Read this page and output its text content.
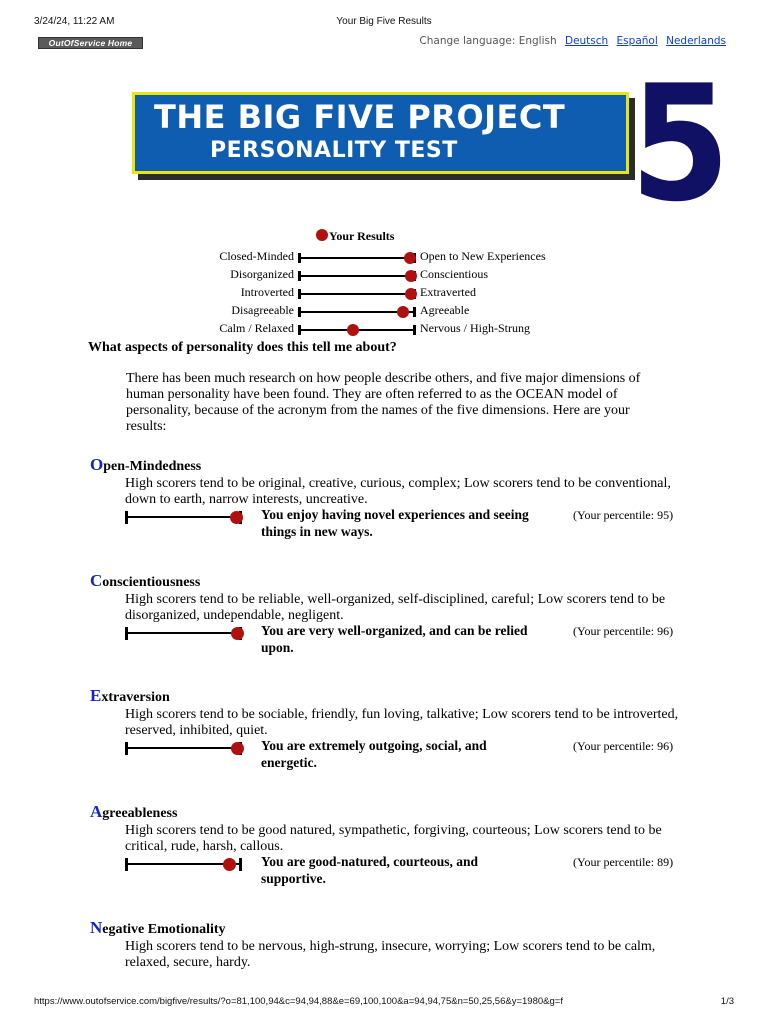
3/24/24, 11:22 AM	Your Big Five Results
OutOfService Home	Change language: English Deutsch Español Nederlands
5
THE BIG FIVE PROJECT
PERSONALITY TEST
Your Results
Closed-Minded	Open to New Experiences
Disorganized	Conscientious
Introverted	Extraverted
Disagreeable	Agreeable
Calm / Relaxed	Nervous / High-Strung
What aspects of personality does this tell me about?
There has been much research on how people describe others, and five major dimensions of human personality have been found. They are often referred to as the OCEAN model of personality, because of the acronym from the names of the five dimensions. Here are your results:
Open-Mindedness
High scorers tend to be original, creative, curious, complex; Low scorers tend to be conventional, down to earth, narrow interests, uncreative.
You enjoy having novel experiences and seeing things in new ways.
(Your percentile: 95)
Conscientiousness
High scorers tend to be reliable, well-organized, self-disciplined, careful; Low scorers tend to be disorganized, undependable, negligent.
You are very well-organized, and can be relied upon.
(Your percentile: 96)
Extraversion
High scorers tend to be sociable, friendly, fun loving, talkative; Low scorers tend to be introverted, reserved, inhibited, quiet.
You are extremely outgoing, social, and energetic.
(Your percentile: 96)
Agreeableness
High scorers tend to be good natured, sympathetic, forgiving, courteous; Low scorers tend to be critical, rude, harsh, callous.
You are good-natured, courteous, and supportive.
(Your percentile: 89)
Negative Emotionality
High scorers tend to be nervous, high-strung, insecure, worrying; Low scorers tend to be calm, relaxed, secure, hardy.
https://www.outofservice.com/bigfive/results/?o=81,100,94&c=94,94,88&e=69,100,100&a=94,94,75&n=50,25,56&y=1980&g=f	1/3
